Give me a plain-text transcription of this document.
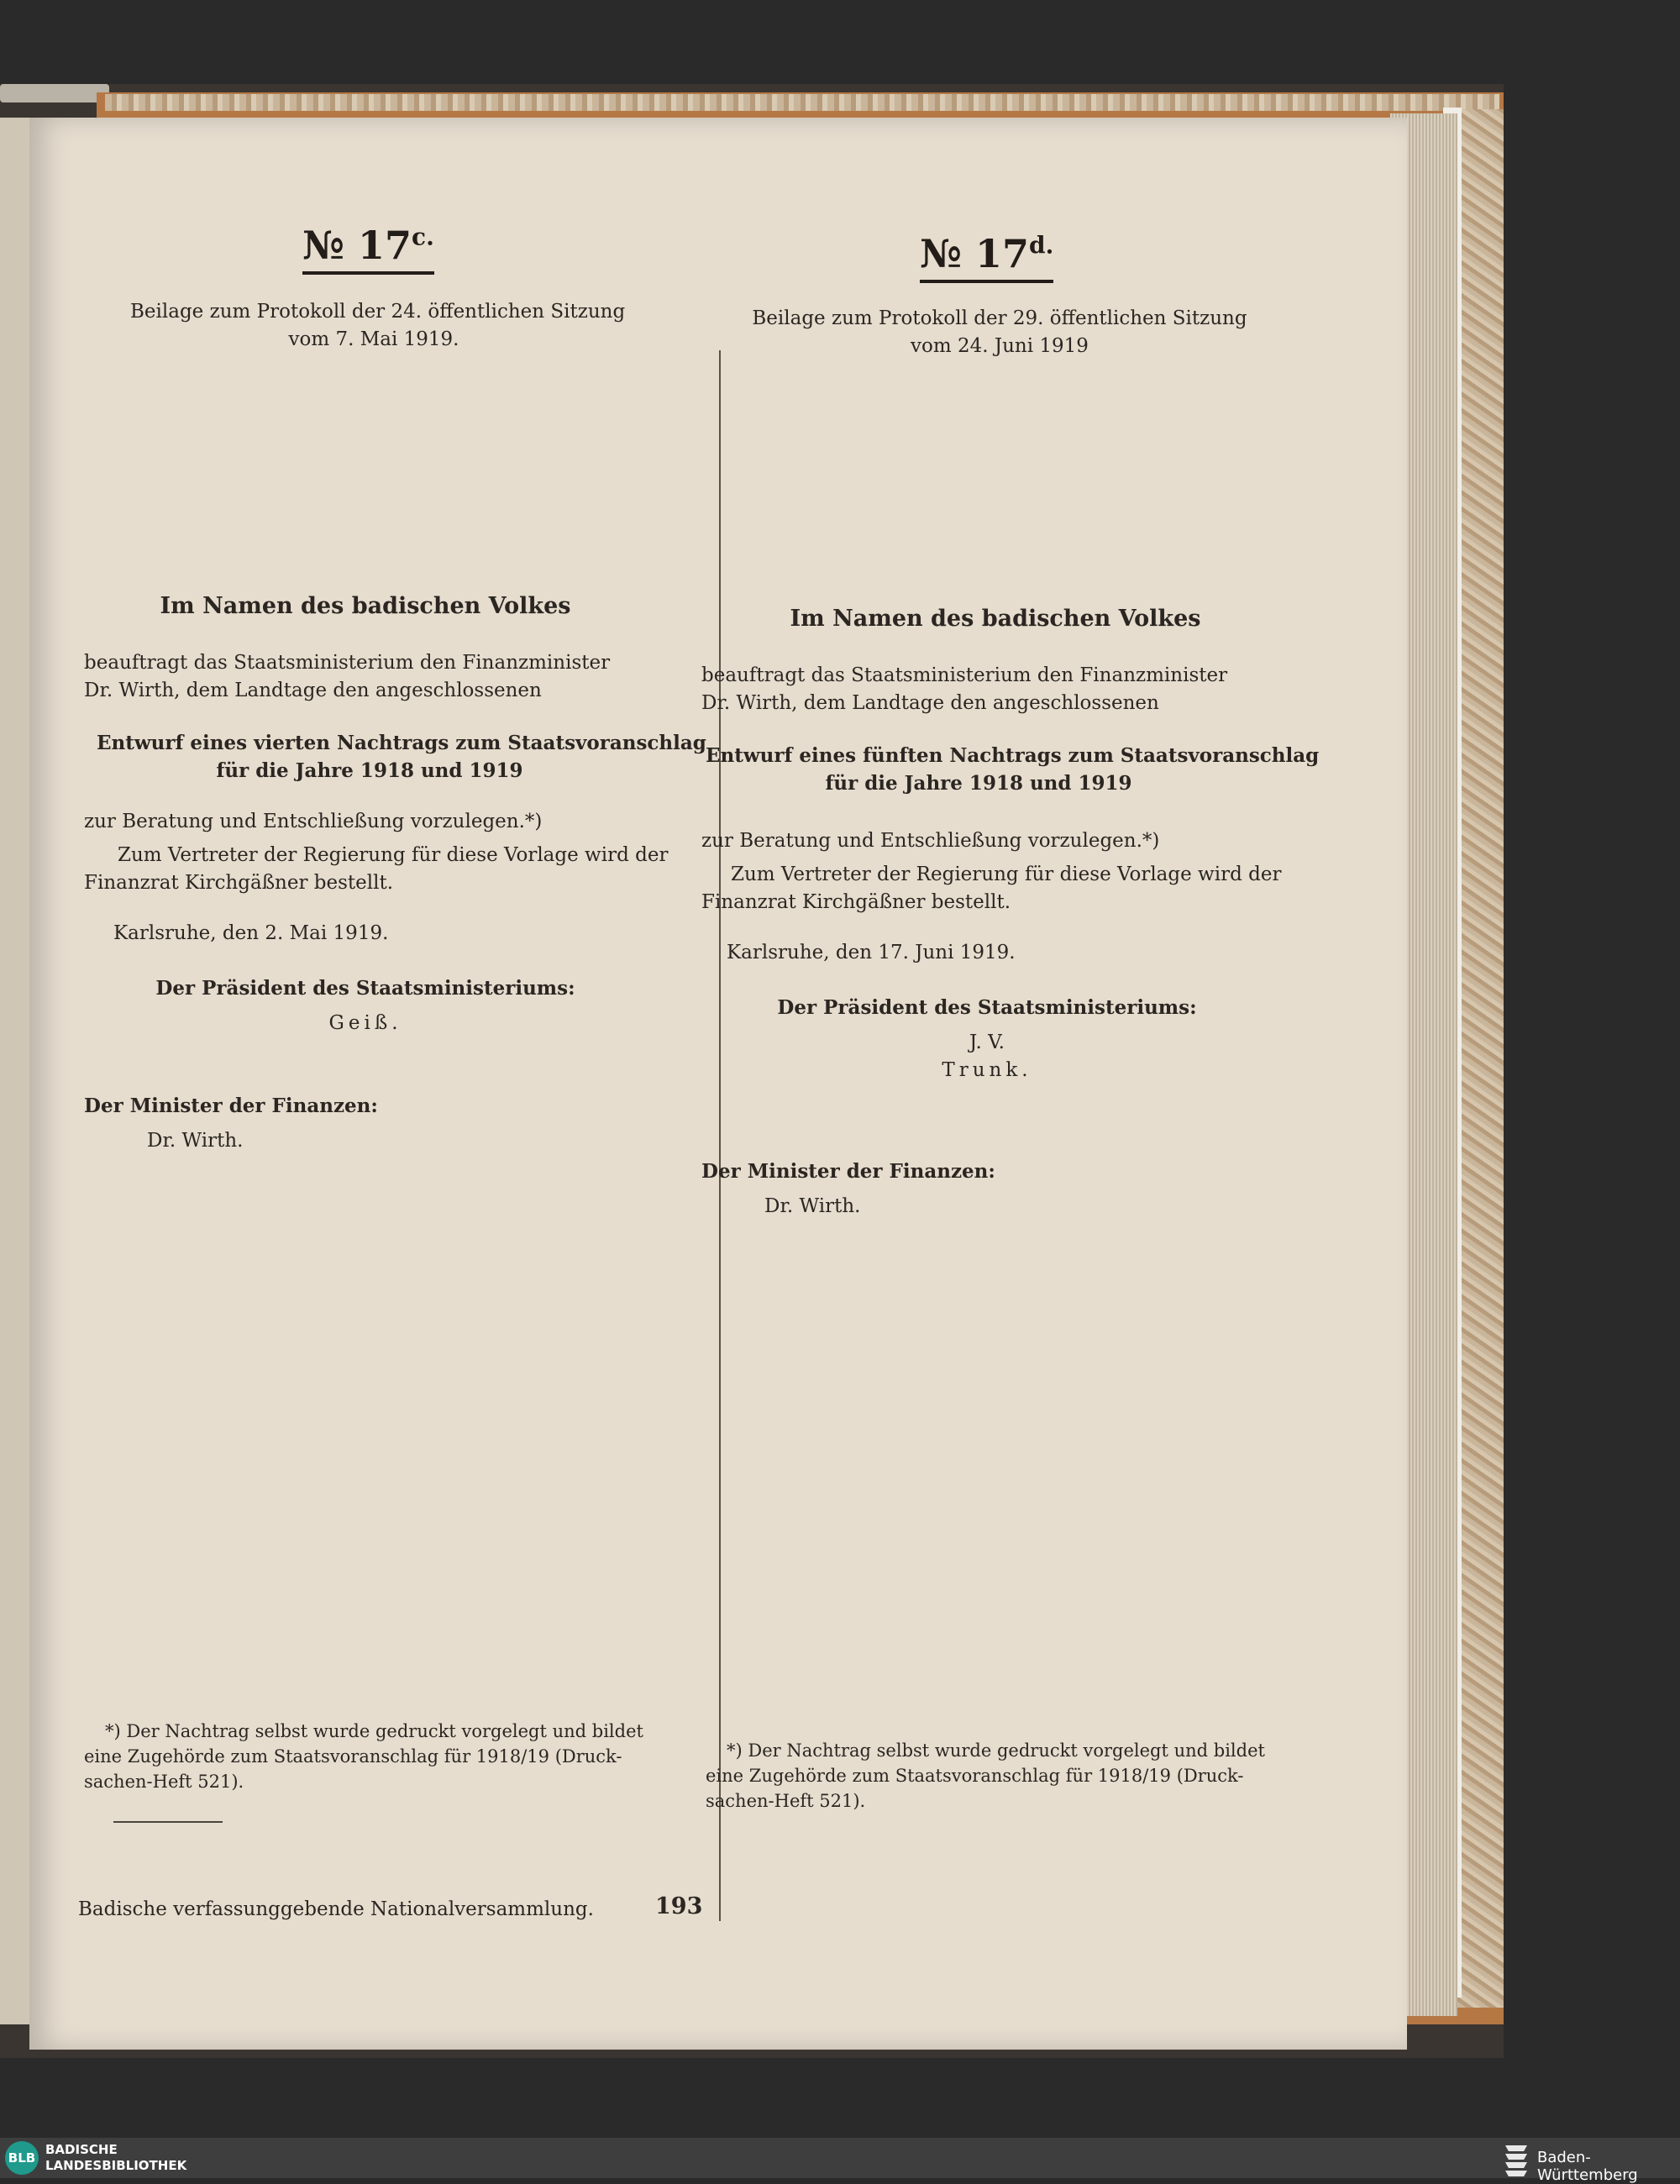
№ $17^{c.}$
Beilage zum Protokoll der 24. öffentlichen Sitzung
vom 7. Mai 1919.
Im Namen des badischen Volkes
beauftragt das Staatsministerium den Finanzminister
Dr. Wirth, dem Landtage den angeschlossenen
Entwurf eines vierten Nachtrags zum Staatsvoranschlag
für die Jahre 1918 und 1919
zur Beratung und Entschließung vorzulegen.*)
Zum Vertreter der Regierung für diese Vorlage wird der
Finanzrat Kirchgäßner bestellt.
Karlsruhe, den 2. Mai 1919.
Der Präsident des Staatsministeriums:
Geiß.
Der Minister der Finanzen:
Dr. Wirth.
*) Der Nachtrag selbst wurde gedruckt vorgelegt und bildet
eine Zugehörde zum Staatsvoranschlag für 1918/19 (Druck-
sachen-Heft 521).
№ $17^{d.}$
Beilage zum Protokoll der 29. öffentlichen Sitzung
vom 24. Juni 1919
Im Namen des badischen Volkes
beauftragt das Staatsministerium den Finanzminister
Dr. Wirth, dem Landtage den angeschlossenen
Entwurf eines fünften Nachtrags zum Staatsvoranschlag
für die Jahre 1918 und 1919
zur Beratung und Entschließung vorzulegen.*)
Zum Vertreter der Regierung für diese Vorlage wird der
Finanzrat Kirchgäßner bestellt.
Karlsruhe, den 17. Juni 1919.
Der Präsident des Staatsministeriums:
J. V.
Trunk.
Der Minister der Finanzen:
Dr. Wirth.
*) Der Nachtrag selbst wurde gedruckt vorgelegt und bildet
eine Zugehörde zum Staatsvoranschlag für 1918/19 (Druck-
sachen-Heft 521).
Badische verfassunggebende Nationalversammlung.	193
BLB
BADISCHE
LANDESBIBLIOTHEK	Baden-Württemberg
